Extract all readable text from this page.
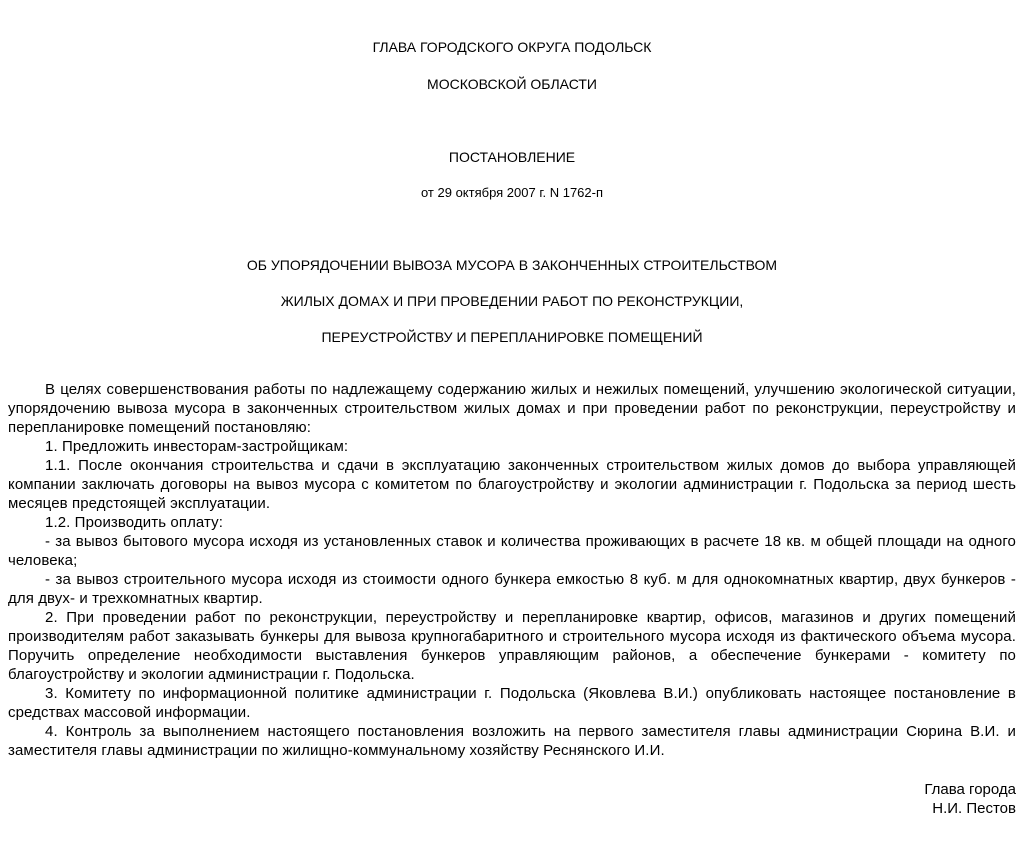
ГЛАВА ГОРОДСКОГО ОКРУГА ПОДОЛЬСК
МОСКОВСКОЙ ОБЛАСТИ
ПОСТАНОВЛЕНИЕ
от 29 октября 2007 г. N 1762-п
ОБ УПОРЯДОЧЕНИИ ВЫВОЗА МУСОРА В ЗАКОНЧЕННЫХ СТРОИТЕЛЬСТВОМ
ЖИЛЫХ ДОМАХ И ПРИ ПРОВЕДЕНИИ РАБОТ ПО РЕКОНСТРУКЦИИ,
ПЕРЕУСТРОЙСТВУ И ПЕРЕПЛАНИРОВКЕ ПОМЕЩЕНИЙ

В целях совершенствования работы по надлежащему содержанию жилых и нежилых помещений, улучшению экологической ситуации, упорядочению вывоза мусора в законченных строительством жилых домах и при проведении работ по реконструкции, переустройству и перепланировке помещений постановляю:

1. Предложить инвесторам-застройщикам:

1.1. После окончания строительства и сдачи в эксплуатацию законченных строительством жилых домов до выбора управляющей компании заключать договоры на вывоз мусора с комитетом по благоустройству и экологии администрации г. Подольска за период шесть месяцев предстоящей эксплуатации.

1.2. Производить оплату:

- за вывоз бытового мусора исходя из установленных ставок и количества проживающих в расчете 18 кв. м общей площади на одного человека;

- за вывоз строительного мусора исходя из стоимости одного бункера емкостью 8 куб. м для однокомнатных квартир, двух бункеров - для двух- и трехкомнатных квартир.

2. При проведении работ по реконструкции, переустройству и перепланировке квартир, офисов, магазинов и других помещений производителям работ заказывать бункеры для вывоза крупногабаритного и строительного мусора исходя из фактического объема мусора. Поручить определение необходимости выставления бункеров управляющим районов, а обеспечение бункерами - комитету по благоустройству и экологии администрации г. Подольска.

3. Комитету по информационной политике администрации г. Подольска (Яковлева В.И.) опубликовать настоящее постановление в средствах массовой информации.

4. Контроль за выполнением настоящего постановления возложить на первого заместителя главы администрации Сюрина В.И. и заместителя главы администрации по жилищно-коммунальному хозяйству Реснянского И.И.

Глава города
Н.И. Пестов
